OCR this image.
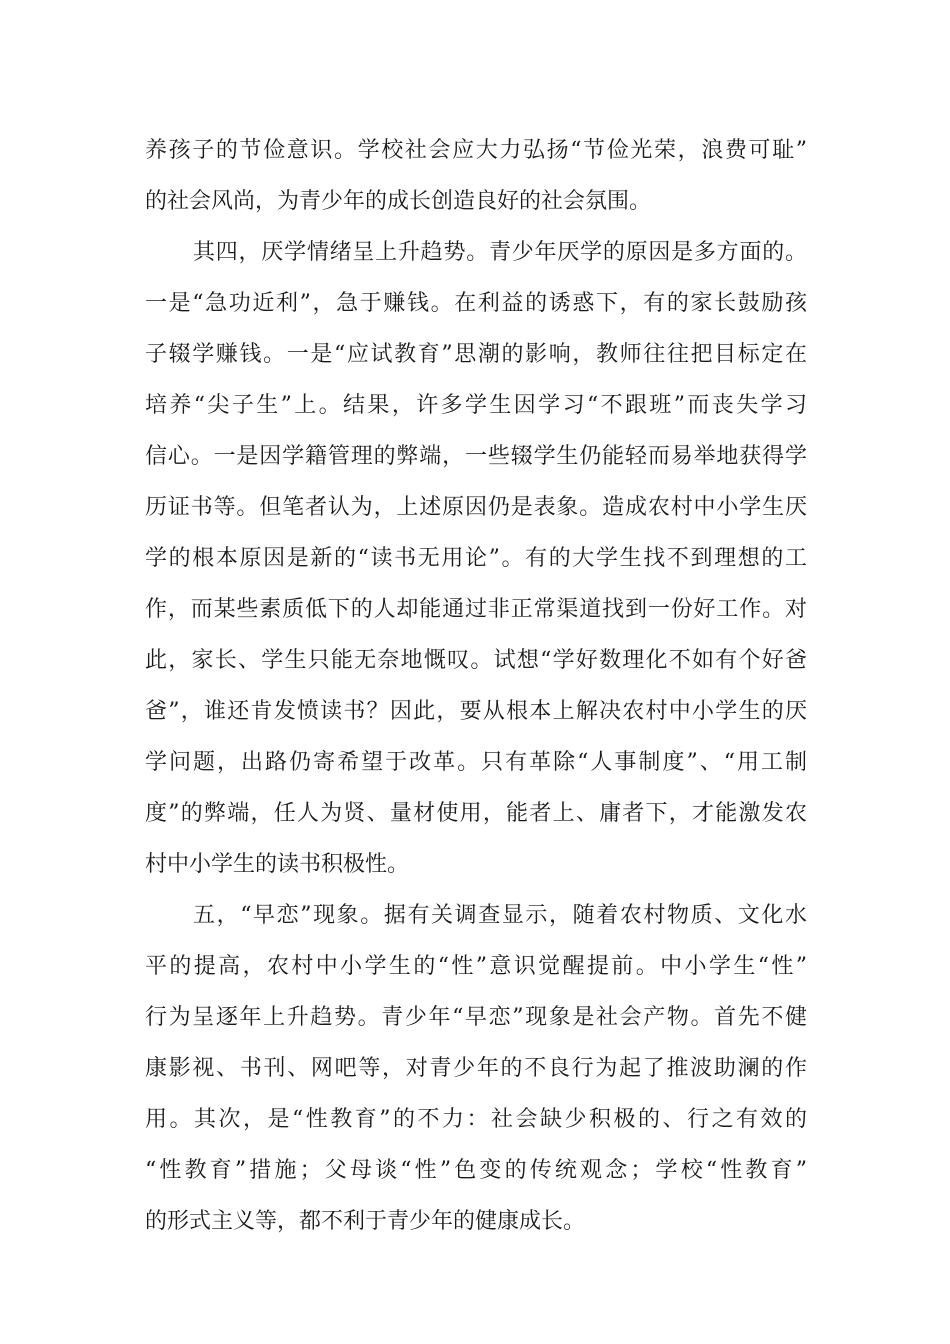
养孩子的节俭意识。学校社会应大力弘扬“节俭光荣，浪费可耻”
的社会风尚，为青少年的成长创造良好的社会氛围。
其四，厌学情绪呈上升趋势。青少年厌学的原因是多方面的。
一是“急功近利”，急于赚钱。在利益的诱惑下，有的家长鼓励孩
子辍学赚钱。一是“应试教育”思潮的影响，教师往往把目标定在
培养“尖子生”上。结果，许多学生因学习“不跟班”而丧失学习
信心。一是因学籍管理的弊端，一些辍学生仍能轻而易举地获得学
历证书等。但笔者认为，上述原因仍是表象。造成农村中小学生厌
学的根本原因是新的“读书无用论”。有的大学生找不到理想的工
作，而某些素质低下的人却能通过非正常渠道找到一份好工作。对
此，家长、学生只能无奈地慨叹。试想“学好数理化不如有个好爸
爸”，谁还肯发愤读书？因此，要从根本上解决农村中小学生的厌
学问题，出路仍寄希望于改革。只有革除“人事制度”、“用工制
度”的弊端，任人为贤、量材使用，能者上、庸者下，才能激发农
村中小学生的读书积极性。
五，“早恋”现象。据有关调查显示，随着农村物质、文化水
平的提高，农村中小学生的“性”意识觉醒提前。中小学生“性”
行为呈逐年上升趋势。青少年“早恋”现象是社会产物。首先不健
康影视、书刊、网吧等，对青少年的不良行为起了推波助澜的作
用。其次，是“性教育”的不力：社会缺少积极的、行之有效的
“性教育”措施；父母谈“性”色变的传统观念；学校“性教育”
的形式主义等，都不利于青少年的健康成长。
